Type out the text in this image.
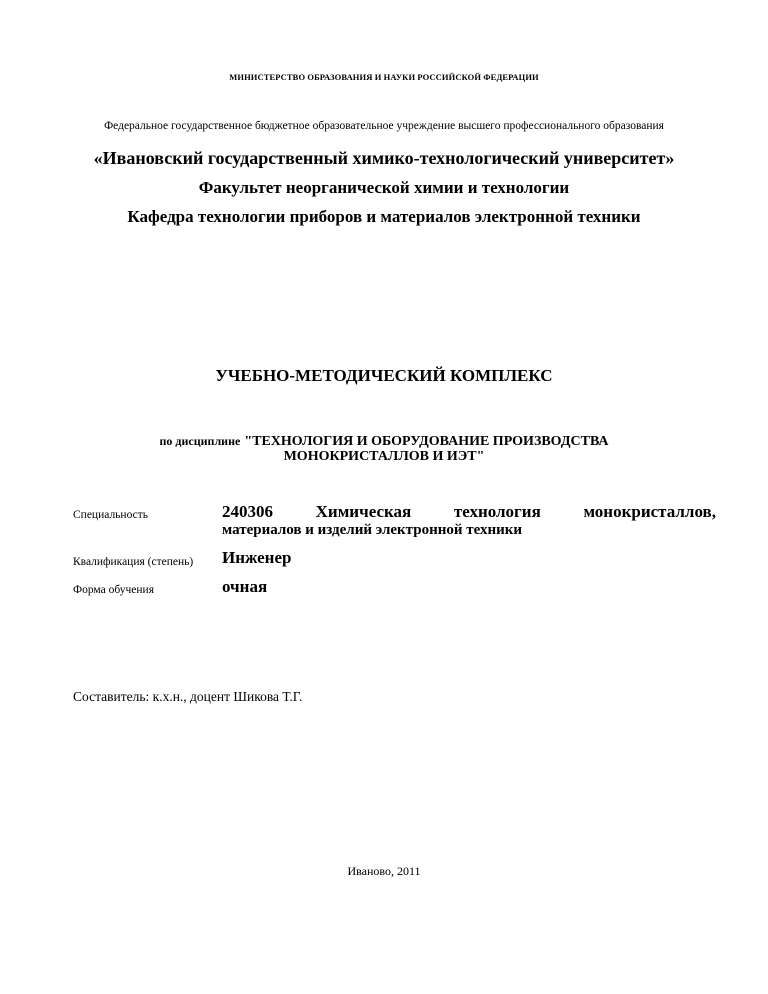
МИНИСТЕРСТВО ОБРАЗОВАНИЯ И НАУКИ РОССИЙСКОЙ ФЕДЕРАЦИИ
Федеральное государственное бюджетное образовательное учреждение высшего профессионального образования
«Ивановский государственный химико-технологический университет»
Факультет неорганической химии и технологии
Кафедра технологии приборов и материалов электронной техники
УЧЕБНО-МЕТОДИЧЕСКИЙ КОМПЛЕКС
по дисциплине "ТЕХНОЛОГИЯ И ОБОРУДОВАНИЕ ПРОИЗВОДСТВА
МОНОКРИСТАЛЛОВ И ИЭТ"
Специальность	240306	Химическая	технология	монокристаллов,
материалов и изделий электронной техники
Квалификация (степень) Инженер
Форма обучения	очная
Составитель: к.х.н., доцент Шикова Т.Г.
Иваново, 2011
